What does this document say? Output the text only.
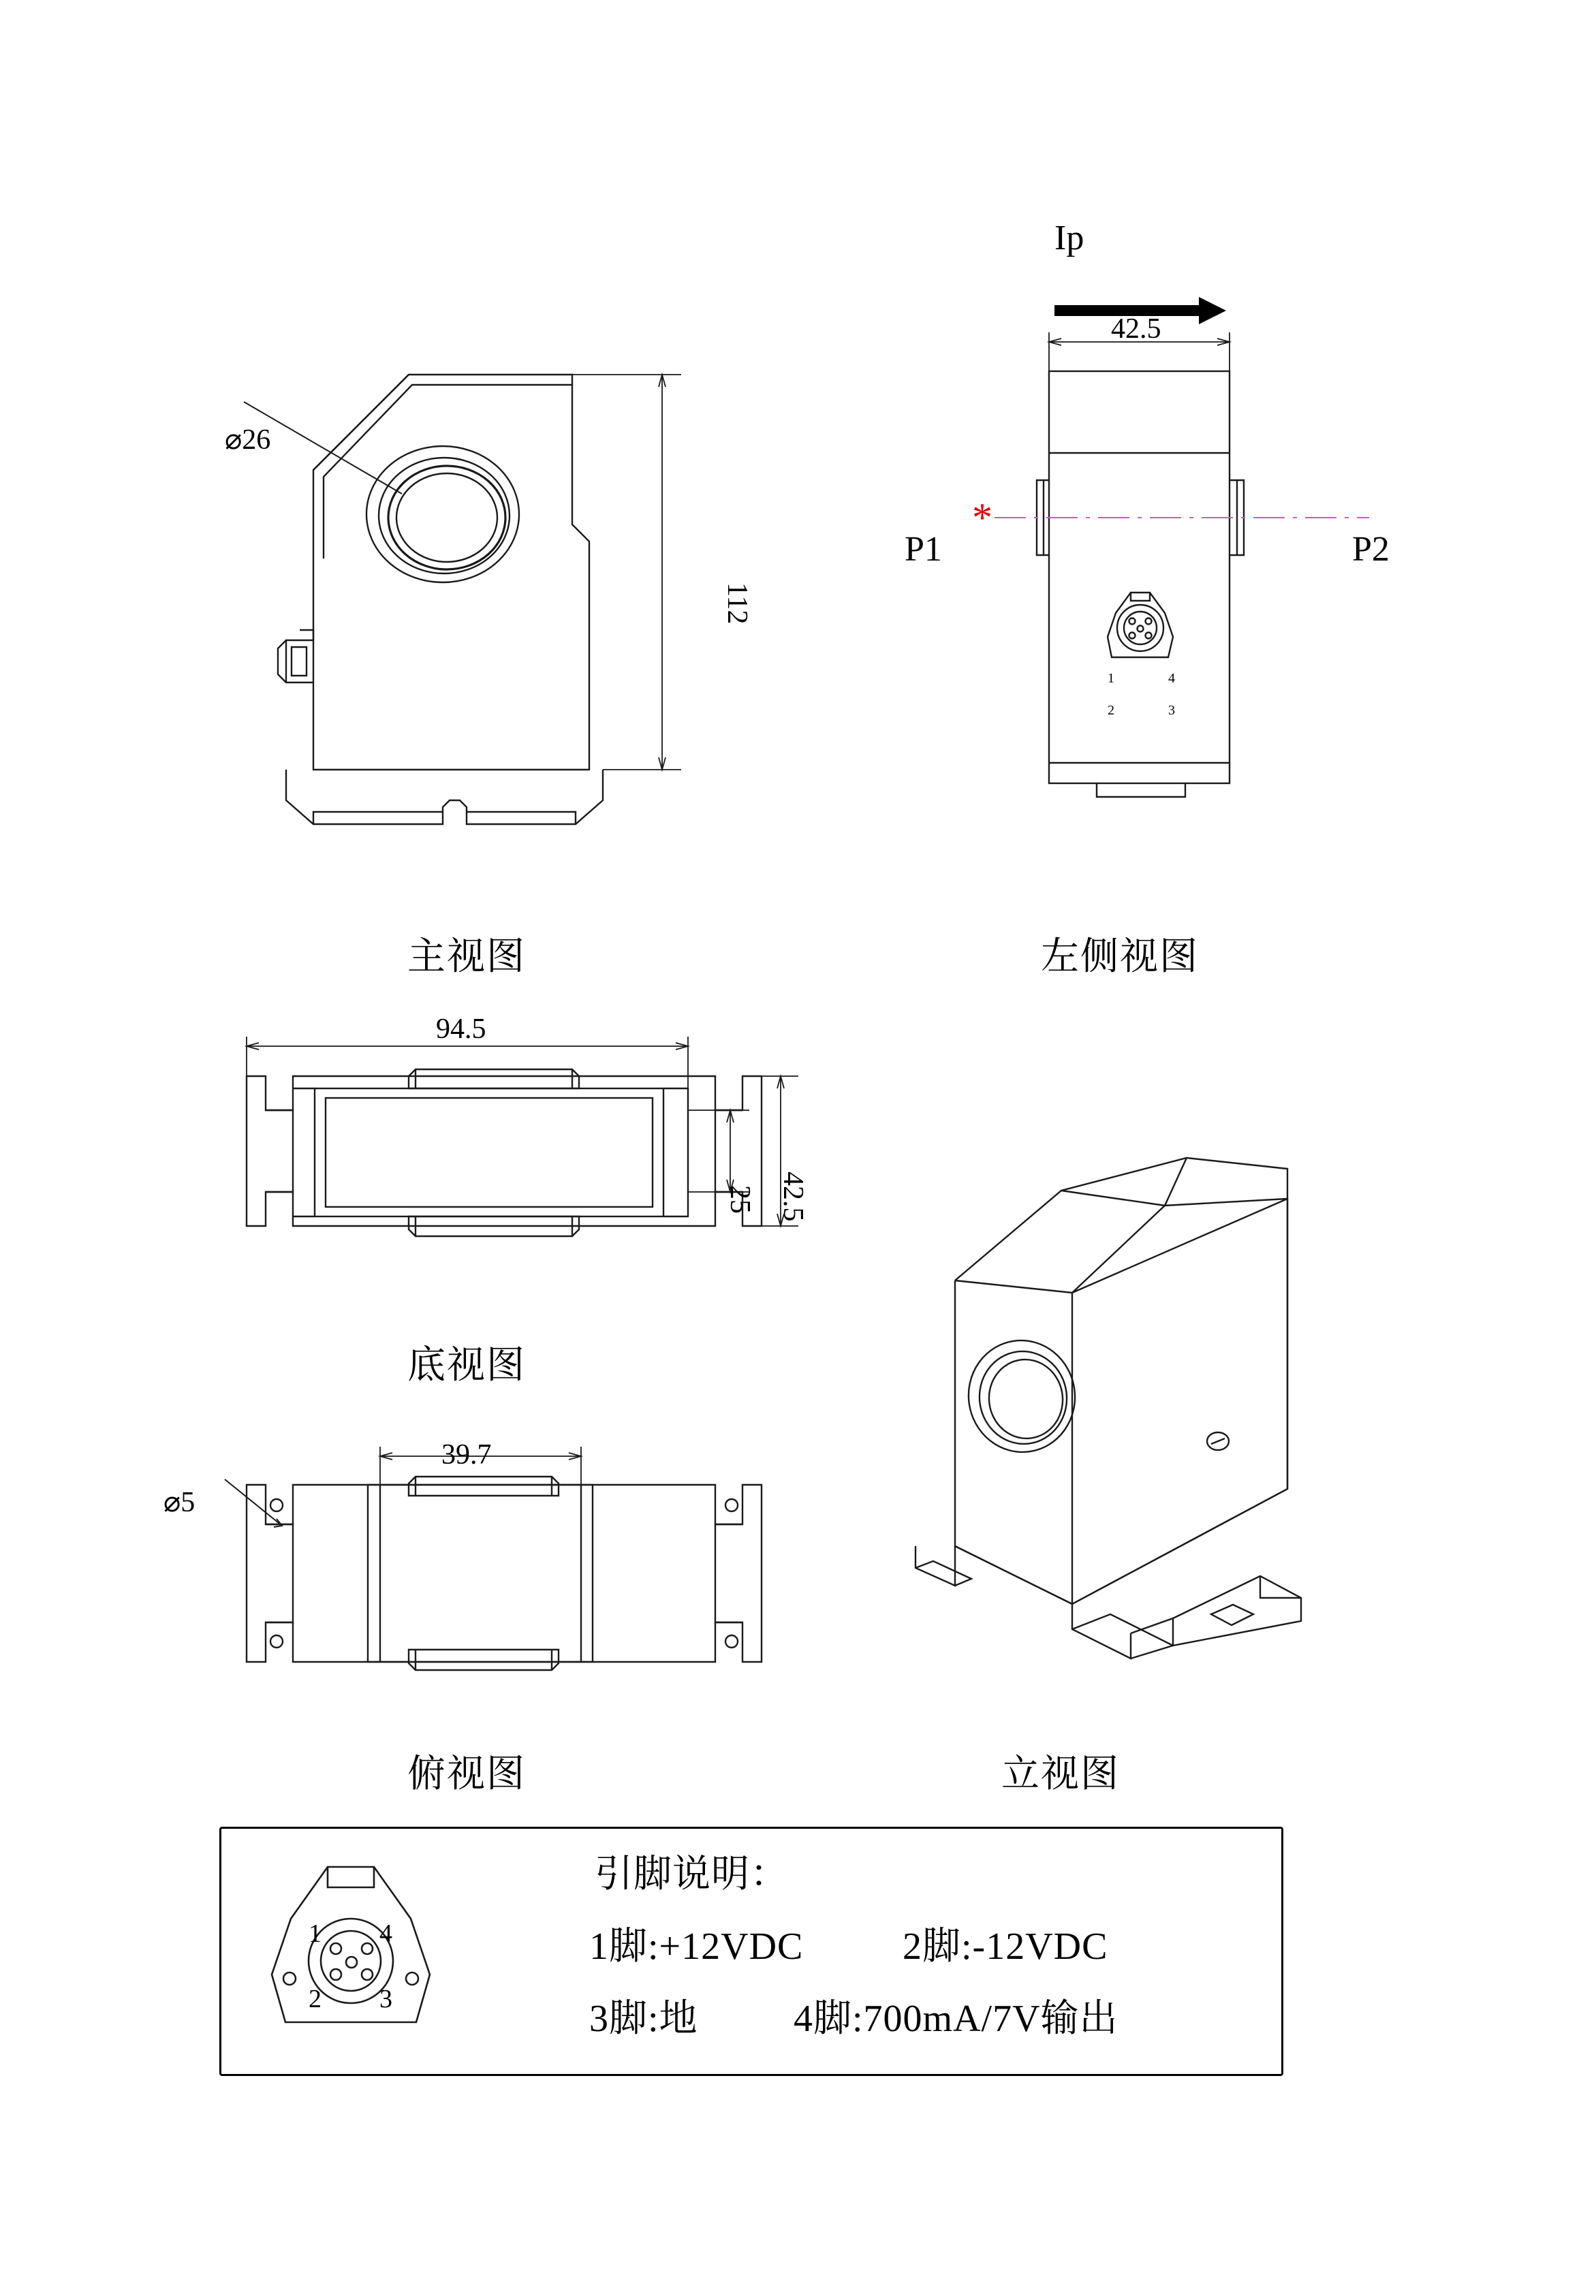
⌀26
112
主视图
Ip
42.5
*
P1	P2
1	4
2	3
左侧视图
94.5
25 42.5
底视图
39.7
⌀5
俯视图	立视图
1 4
2 3
引脚说明：
1脚:+12VDC	2脚:-12VDC
3脚:地	4脚:700mA/7V输出
